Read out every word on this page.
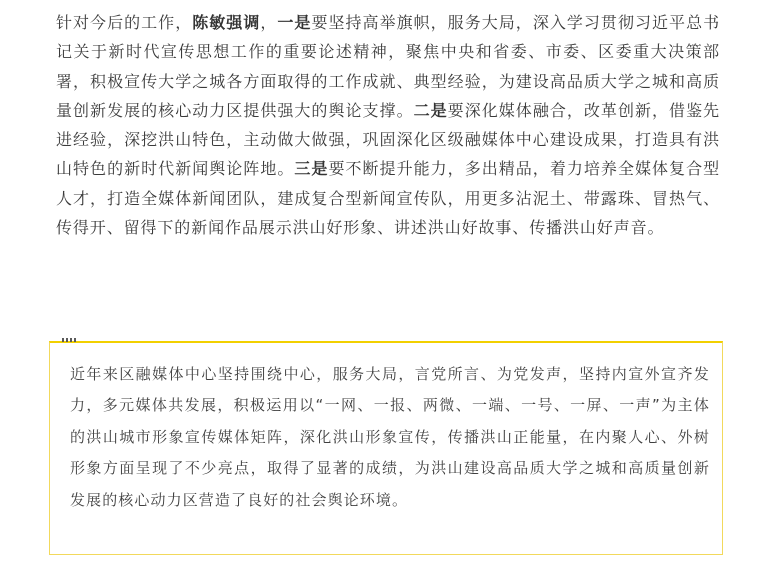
针对今后的工作，陈敏强调，一是要坚持高举旗帜，服务大局，深入学习贯彻习近平总书记关于新时代宣传思想工作的重要论述精神，聚焦中央和省委、市委、区委重大决策部署，积极宣传大学之城各方面取得的工作成就、典型经验，为建设高品质大学之城和高质量创新发展的核心动力区提供强大的舆论支撑。二是要深化媒体融合，改革创新，借鉴先进经验，深挖洪山特色，主动做大做强，巩固深化区级融媒体中心建设成果，打造具有洪山特色的新时代新闻舆论阵地。三是要不断提升能力，多出精品，着力培养全媒体复合型人才，打造全媒体新闻团队，建成复合型新闻宣传队，用更多沾泥土、带露珠、冒热气、传得开、留得下的新闻作品展示洪山好形象、讲述洪山好故事、传播洪山好声音。

近年来区融媒体中心坚持围绕中心，服务大局，言党所言、为党发声，坚持内宣外宣齐发力，多元媒体共发展，积极运用以“一网、一报、两微、一端、一号、一屏、一声”为主体的洪山城市形象宣传媒体矩阵，深化洪山形象宣传，传播洪山正能量，在内聚人心、外树形象方面呈现了不少亮点，取得了显著的成绩，为洪山建设高品质大学之城和高质量创新发展的核心动力区营造了良好的社会舆论环境。
